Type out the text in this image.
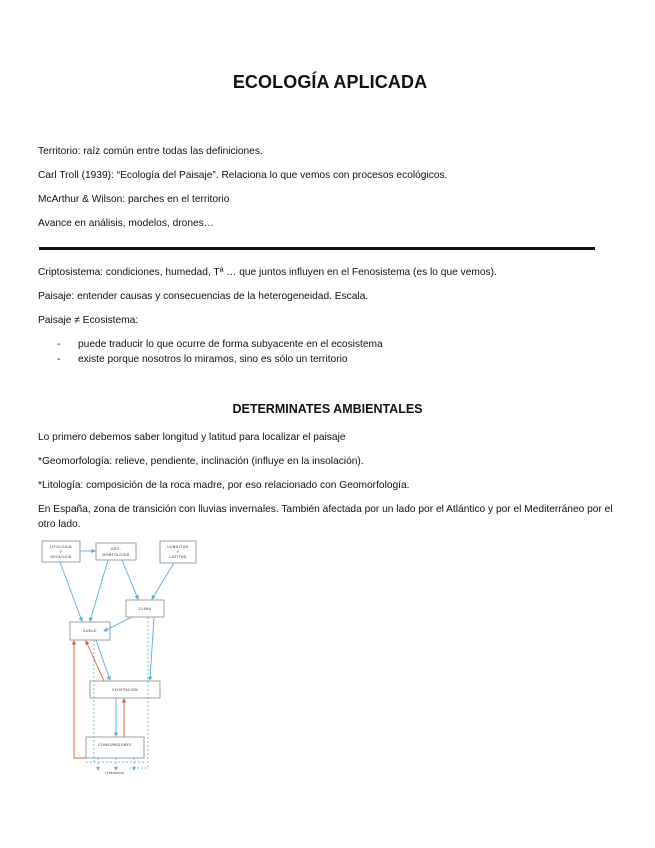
ECOLOGÍA APLICADA
Territorio: raíz común entre todas las definiciones.
Carl Troll (1939): “Ecología del Paisaje”. Relaciona lo que vemos con procesos ecológicos.
McArthur & Wilson: parches en el territorio
Avance en análisis, modelos, drones…
Criptosistema: condiciones, humedad, Tª … que juntos influyen en el Fenosistema (es lo que vemos).
Paisaje: entender causas y consecuencias de la heterogeneidad. Escala.
Paisaje ≠ Ecosistema:
- puede traducir lo que ocurre de forma subyacente en el ecosistema
- existe porque nosotros lo miramos, sino es sólo un territorio
DETERMINATES AMBIENTALES
Lo primero debemos saber longitud y latitud para localizar el paisaje
*Geomorfología: relieve, pendiente, inclinación (influye en la insolación).
*Litología: composición de la roca madre, por eso relacionado con Geomorfología.
En España, zona de transición con lluvias invernales. También afectada por un lado por el Atlántico y por el Mediterráneo por el otro lado.
LITOLOGIA
Y
GEOLOGIA
GEO-
MORFOLOGIA
LONGITUD
Y
LATITUD
CLIMA
SUELO
VEGETACION
CONSUMIDORES
(Hombre)
